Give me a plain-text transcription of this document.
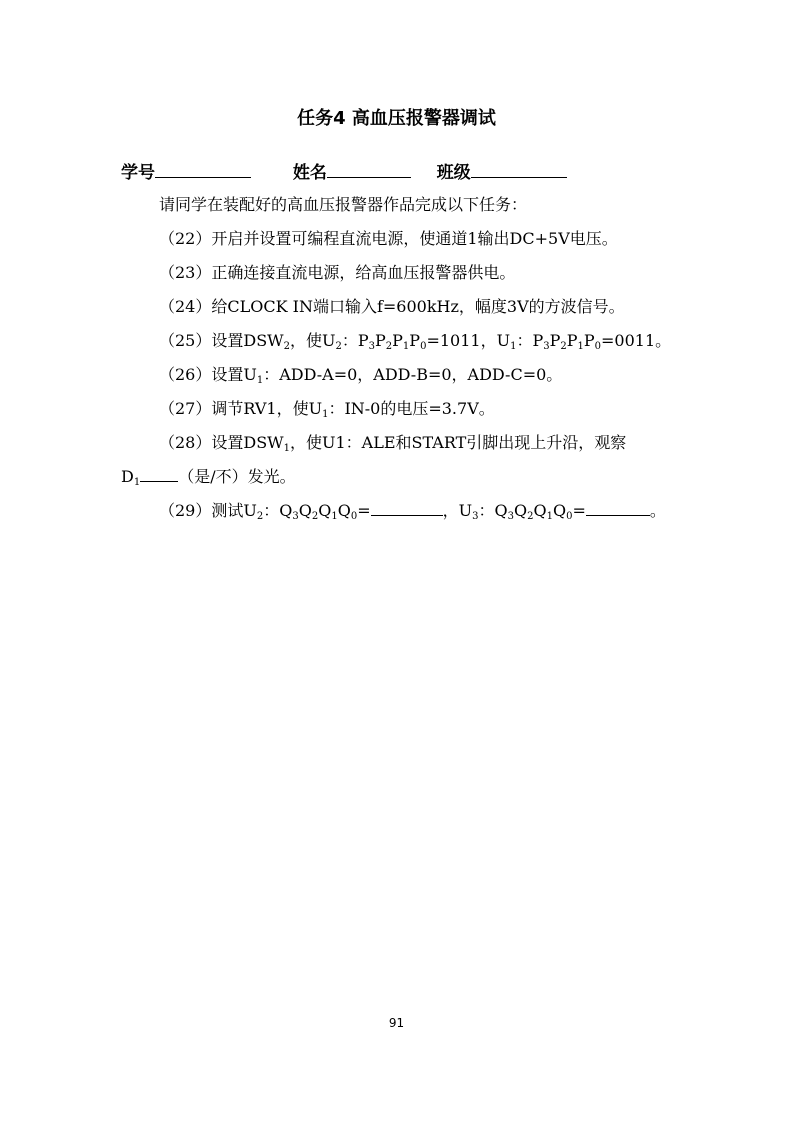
任务4 高血压报警器调试
学号	姓名	班级
请同学在装配好的高血压报警器作品完成以下任务：
（22）开启并设置可编程直流电源，使通道1输出DC+5V电压。
（23）正确连接直流电源，给高血压报警器供电。
（24）给CLOCK IN端口输入f=600kHz，幅度3V的方波信号。
（25）设置$DSW_2$，使$U_2$：$P_3P_2P_1P_0=1011$，$U_1$：$P_3P_2P_1P_0=0011$。
（26）设置$U_1$：ADD-A=0，ADD-B=0，ADD-C=0。
（27）调节RV1，使$U_1$：IN-0的电压=3.7V。
（28）设置$DSW_1$，使U1：ALE和START引脚出现上升沿，观察
$D_1$ （是/不）发光。
（29）测试$U_2$：$Q_3Q_2Q_1Q_0=$	，$U_3$：$Q_3Q_2Q_1Q_0=$	。
91
